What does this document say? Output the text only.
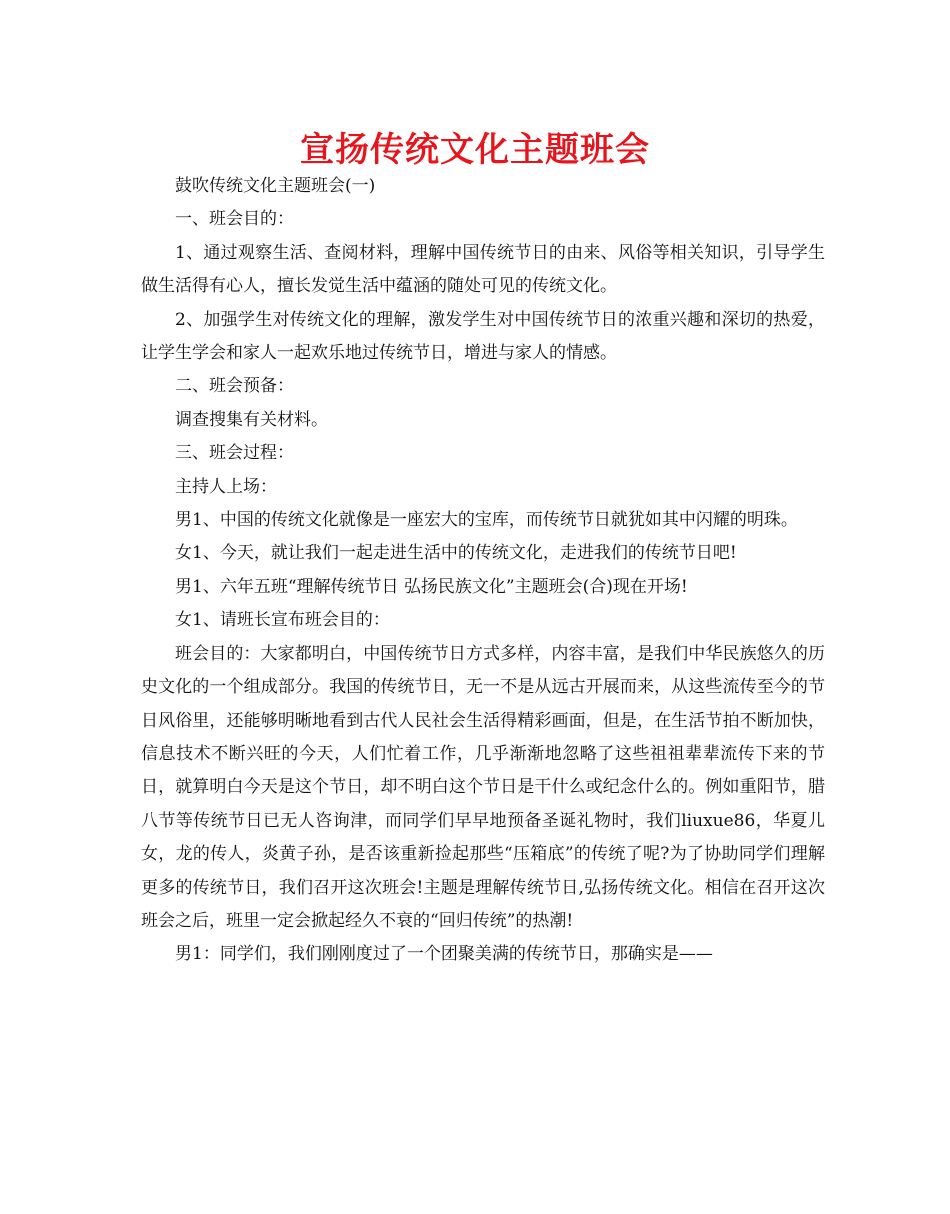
宣扬传统文化主题班会

鼓吹传统文化主题班会(一)

一、班会目的：

1、通过观察生活、查阅材料，理解中国传统节日的由来、风俗等相关知识，引导学生做生活得有心人，擅长发觉生活中蕴涵的随处可见的传统文化。

2、加强学生对传统文化的理解，激发学生对中国传统节日的浓重兴趣和深切的热爱，让学生学会和家人一起欢乐地过传统节日，增进与家人的情感。

二、班会预备：

调查搜集有关材料。

三、班会过程：

主持人上场：

男1、中国的传统文化就像是一座宏大的宝库，而传统节日就犹如其中闪耀的明珠。

女1、今天，就让我们一起走进生活中的传统文化，走进我们的传统节日吧!

男1、六年五班“理解传统节日 弘扬民族文化”主题班会(合)现在开场!

女1、请班长宣布班会目的：

班会目的：大家都明白，中国传统节日方式多样，内容丰富，是我们中华民族悠久的历史文化的一个组成部分。我国的传统节日，无一不是从远古开展而来，从这些流传至今的节日风俗里，还能够明晰地看到古代人民社会生活得精彩画面，但是，在生活节拍不断加快，信息技术不断兴旺的今天，人们忙着工作，几乎渐渐地忽略了这些祖祖辈辈流传下来的节日，就算明白今天是这个节日，却不明白这个节日是干什么或纪念什么的。例如重阳节，腊八节等传统节日已无人咨询津，而同学们早早地预备圣诞礼物时，我们liuxue86，华夏儿女，龙的传人，炎黄子孙，是否该重新捡起那些“压箱底”的传统了呢?为了协助同学们理解更多的传统节日，我们召开这次班会!主题是理解传统节日,弘扬传统文化。相信在召开这次班会之后，班里一定会掀起经久不衰的“回归传统”的热潮!

男1：同学们，我们刚刚度过了一个团聚美满的传统节日，那确实是——
